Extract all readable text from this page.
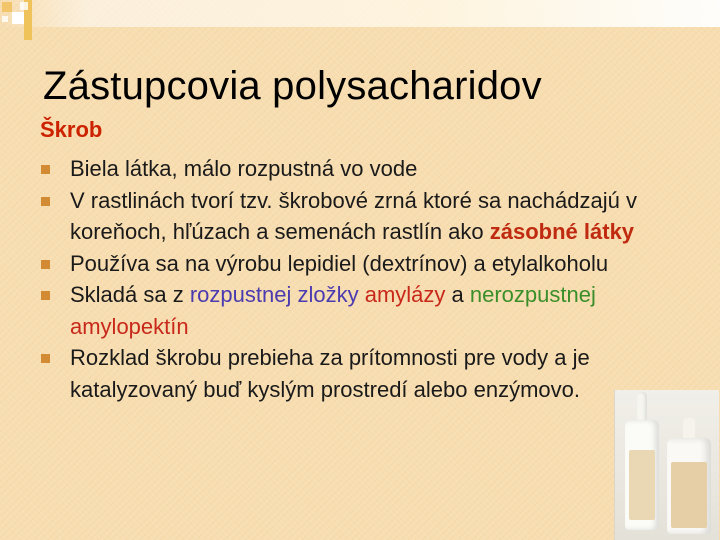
Zástupcovia polysacharidov
Škrob
Biela látka, málo rozpustná vo vode
V rastlinách tvorí tzv. škrobové zrná ktoré sa nachádzajú v koreňoch, hľúzach a semenách rastlín ako zásobné látky
Používa sa na výrobu lepidiel (dextrínov) a etylalkoholu
Skladá sa z rozpustnej zložky amylázy a nerozpustnej amylopektín
Rozklad škrobu prebieha za prítomnosti pre vody a je katalyzovaný buď kyslým prostredí alebo enzýmovo.
